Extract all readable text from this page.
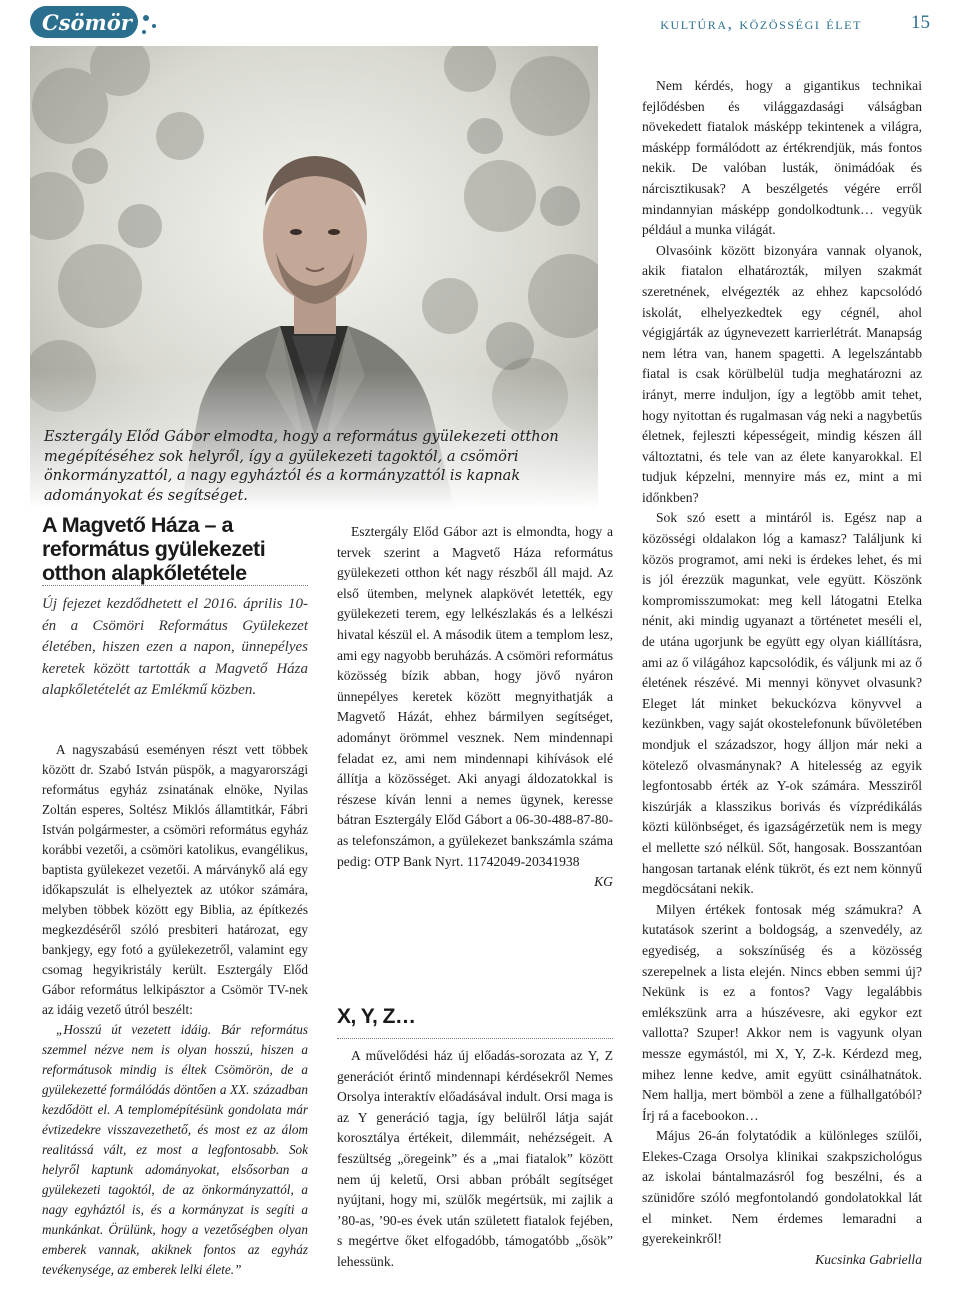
Csömör	kultúra, közösségi élet	15
Esztergály Előd Gábor elmodta, hogy a református gyülekezeti otthon megépítéséhez sok helyről, így a gyülekezeti tagoktól, a csömöri önkormányzattól, a nagy egyháztól és a kormányzattól is kapnak adományokat és segítséget.
A Magvető Háza – a református gyülekezeti otthon alapkőletétele
Új fejezet kezdődhetett el 2016. április 10-én a Csömöri Református Gyülekezet életében, hiszen ezen a napon, ünnepélyes keretek között tartották a Magvető Háza alapkőletételét az Emlékmű közben.

A nagyszabású eseményen részt vett többek között dr. Szabó István püspök, a magyarországi református egyház zsinatának elnöke, Nyilas Zoltán esperes, Soltész Miklós államtitkár, Fábri István polgármester, a csömöri református egyház korábbi vezetői, a csömöri katolikus, evangélikus, baptista gyülekezet vezetői. A márványkő alá egy időkapszulát is elhelyeztek az utókor számára, melyben többek között egy Biblia, az építkezés megkezdéséről szóló presbiteri határozat, egy bankjegy, egy fotó a gyülekezetről, valamint egy csomag hegyikristály került. Esztergály Előd Gábor református lelkipásztor a Csömör TV-nek az idáig vezető útról beszélt:

„Hosszú út vezetett idáig. Bár református szemmel nézve nem is olyan hosszú, hiszen a reformátusok mindig is éltek Csömörön, de a gyülekezetté formálódás döntően a XX. században kezdődött el. A templomépítésünk gondolata már évtizedekre visszavezethető, és most ez az álom realitássá vált, ez most a legfontosabb. Sok helyről kaptunk adományokat, elsősorban a gyülekezeti tagoktól, de az önkormányzattól, a nagy egyháztól is, és a kormányzat is segíti a munkánkat. Örülünk, hogy a vezetőségben olyan emberek vannak, akiknek fontos az egyház tevékenysége, az emberek lelki élete.”

Esztergály Előd Gábor azt is elmondta, hogy a tervek szerint a Magvető Háza református gyülekezeti otthon két nagy részből áll majd. Az első ütemben, melynek alapkövét letették, egy gyülekezeti terem, egy lelkészlakás és a lelkészi hivatal készül el. A második ütem a templom lesz, ami egy nagyobb beruházás. A csömöri református közösség bízik abban, hogy jövő nyáron ünnepélyes keretek között megnyithatják a Magvető Házát, ehhez bármilyen segítséget, adományt örömmel vesznek. Nem mindennapi feladat ez, ami nem mindennapi kihívások elé állítja a közösséget. Aki anyagi áldozatokkal is részese kíván lenni a nemes ügynek, keresse bátran Esztergály Előd Gábort a 06-30-488-87-80-as telefonszámon, a gyülekezet bankszámla száma pedig: OTP Bank Nyrt. 11742049-20341938

KG

X, Y, Z…

A művelődési ház új előadás-sorozata az Y, Z generációt érintő mindennapi kérdésekről Nemes Orsolya interaktív előadásával indult. Orsi maga is az Y generáció tagja, így belülről látja saját korosztálya értékeit, dilemmáit, nehézségeit. A feszültség „öregeink” és a „mai fiatalok” között nem új keletű, Orsi abban próbált segítséget nyújtani, hogy mi, szülők megértsük, mi zajlik a ’80-as, ’90-es évek után született fiatalok fejében, s megértve őket elfogadóbb, támogatóbb „ősök” lehessünk.

Nem kérdés, hogy a gigantikus technikai fejlődésben és világgazdasági válságban növekedett fiatalok másképp tekintenek a világra, másképp formálódott az értékrendjük, más fontos nekik. De valóban lusták, önimádóak és nárcisztikusak? A beszélgetés végére erről mindannyian másképp gondolkodtunk… vegyük például a munka világát.

Olvasóink között bizonyára vannak olyanok, akik fiatalon elhatározták, milyen szakmát szeretnének, elvégezték az ehhez kapcsolódó iskolát, elhelyezkedtek egy cégnél, ahol végigjárták az úgynevezett karrierlétrát. Manapság nem létra van, hanem spagetti. A legelszántabb fiatal is csak körülbelül tudja meghatározni az irányt, merre induljon, így a legtöbb amit tehet, hogy nyitottan és rugalmasan vág neki a nagybetűs életnek, fejleszti képességeit, mindig készen áll változtatni, és tele van az élete kanyarokkal. El tudjuk képzelni, mennyire más ez, mint a mi időnkben?

Sok szó esett a mintáról is. Egész nap a közösségi oldalakon lóg a kamasz? Találjunk ki közös programot, ami neki is érdekes lehet, és mi is jól érezzük magunkat, vele együtt. Köszönk kompromisszumokat: meg kell látogatni Etelka nénit, aki mindig ugyanazt a történetet meséli el, de utána ugorjunk be együtt egy olyan kiállításra, ami az ő világához kapcsolódik, és váljunk mi az ő életének részévé. Mi mennyi könyvet olvasunk? Eleget lát minket bekuckózva könyvvel a kezünkben, vagy saját okostelefonunk bűvöletében mondjuk el századszor, hogy álljon már neki a kötelező olvasmánynak? A hitelesség az egyik legfontosabb érték az Y-ok számára. Messziről kiszúrják a klasszikus borivás és vízprédikálás közti különbséget, és igazságérzetük nem is megy el mellette szó nélkül. Sőt, hangosak. Bosszantóan hangosan tartanak elénk tükröt, és ezt nem könnyű megdöcsátani nekik.

Milyen értékek fontosak még számukra? A kutatások szerint a boldogság, a szenvedély, az egyediség, a sokszínűség és a közösség szerepelnek a lista elején. Nincs ebben semmi új? Nekünk is ez a fontos? Vagy legalábbis emlékszünk arra a húszévesre, aki egykor ezt vallotta? Szuper! Akkor nem is vagyunk olyan messze egymástól, mi X, Y, Z-k. Kérdezd meg, mihez lenne kedve, amit együtt csinálhatnátok. Nem hallja, mert bömböl a zene a fülhallgatóból? Írj rá a facebookon…

Május 26-án folytatódik a különleges szülői, Elekes-Czaga Orsolya klinikai szakpszichológus az iskolai bántalmazásról fog beszélni, és a szünidőre szóló megfontolandó gondolatokkal lát el minket. Nem érdemes lemaradni a gyerekeinkről!

Kucsinka Gabriella
